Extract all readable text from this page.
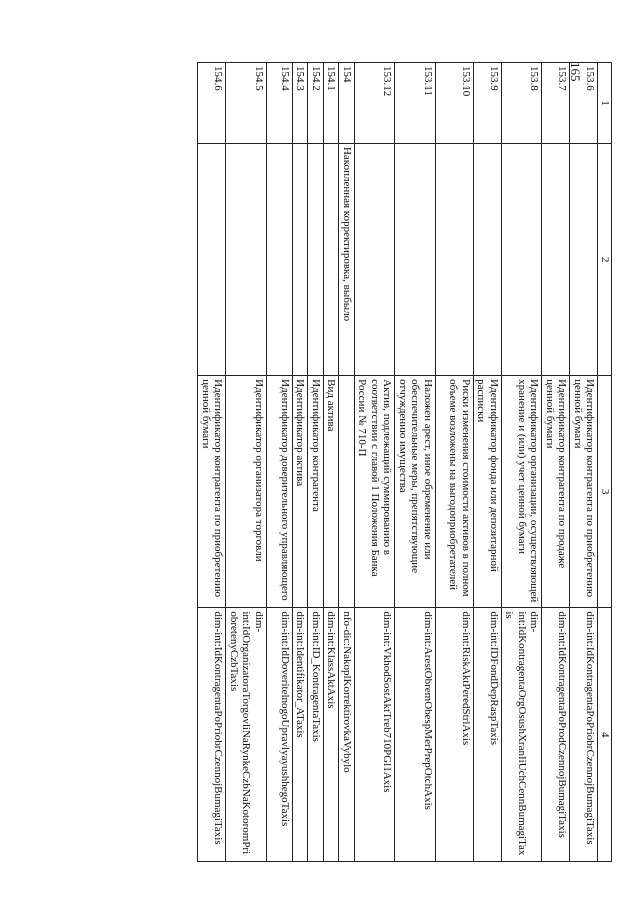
165
1	2	3	4
153.6		Идентификатор контрагента по приобретению ценной бумаги	dim-int:IdKontragentaPoPriobrCzennojBumagiTaxis
153.7		Идентификатор контрагента по продаже ценной бумаги	dim-int:IdKontragentaPoProdCzennojBumagiTaxis
153.8		Идентификатор организации, осуществляющей хранение и (или) учет ценной бумаги	dim-int:IdKontragentaOrgOsushXranIiUchCennBumagiTaxis
153.9		Идентификатор фонда или депозитарной расписки	dim-int:IDFondDepRaspTaxis
153.10		Риски изменения стоимости активов в полном объеме возложены на выгодоприобретателей	dim-int:RiskAktPeredStrlAxis
153.11		Наложен арест, иное обременение или обеспечительные меры, препятствующие отчуждению имущества	dim-int:ArestObremObespMerPrepOtchAxis
153.12		Актив, подлежащий суммированию в соответствии с главой 1 Положения Банка России № 710-П	dim-int:VkhodSostAktTreb710PGl1Axis
154	Накопленная корректировка, выбыло		nfo-dic:NakoplKorrektirovkaVybylo
154.1		Вид актива	dim-int:KlassAktAxis
154.2		Идентификатор контрагента	dim-int:ID_KontragentaTaxis
154.3		Идентификатор актива	dim-int:Identifikator_ATaxis
154.4		Идентификатор доверительного управляющего	dim-int:IdDoveritelnogoUpravlyayushhegoTaxis
154.5		Идентификатор организатора торговли	dim-int:IdOrganizatoraTorgovliNaRynkeCzbNaKotoromPriobretenyCzbTaxis
154.6		Идентификатор контрагента по приобретению ценной бумаги	dim-int:IdKontragentaPoPriobrCzennojBumagiTaxis
